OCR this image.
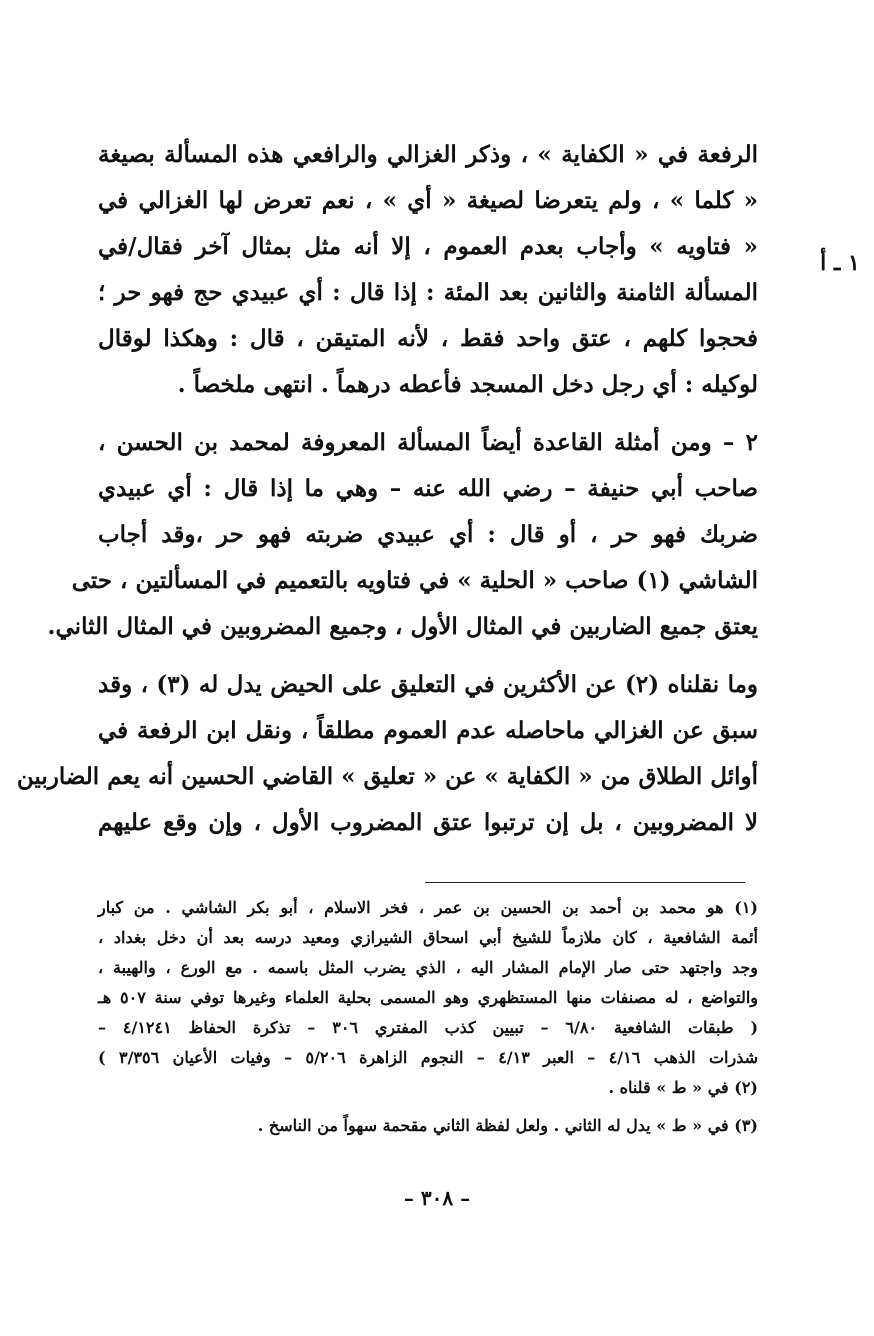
١ ـ أ
الرفعة في « الكفاية » ، وذكر الغزالي والرافعي هذه المسألة بصيغة
« كلما » ، ولم يتعرضا لصيغة « أي » ، نعم تعرض لها الغزالي في
« فتاويه » وأجاب بعدم العموم ، إلا أنه مثل بمثال آخر فقال/في
المسألة الثامنة والثانين بعد المئة : إذا قال : أي عبيدي حج فهو حر ؛
فحجوا كلهم ، عتق واحد فقط ، لأنه المتيقن ، قال : وهكذا لوقال
لوكيله : أي رجل دخل المسجد فأعطه درهماً . انتهى ملخصاً .
٢ – ومن أمثلة القاعدة أيضاً المسألة المعروفة لمحمد بن الحسن ،
صاحب أبي حنيفة – رضي الله عنه – وهي ما إذا قال : أي عبيدي
ضربك فهو حر ، أو قال : أي عبيدي ضربته فهو حر ،وقد أجاب
الشاشي (١) صاحب « الحلية » في فتاويه بالتعميم في المسألتين ، حتى
يعتق جميع الضاربين في المثال الأول ، وجميع المضروبين في المثال الثاني.
وما نقلناه (٢) عن الأكثرين في التعليق على الحيض يدل له (٣) ، وقد
سبق عن الغزالي ماحاصله عدم العموم مطلقاً ، ونقل ابن الرفعة في
أوائل الطلاق من « الكفاية » عن « تعليق » القاضي الحسين أنه يعم الضاربين
لا المضروبين ، بل إن ترتبوا عتق المضروب الأول ، وإن وقع عليهم
(١) هو محمد بن أحمد بن الحسين بن عمر ، فخر الاسلام ، أبو بكر الشاشي . من كبار
أئمة الشافعية ، كان ملازماً للشيخ أبي اسحاق الشيرازي ومعيد درسه بعد أن دخل بغداد ،
وجد واجتهد حتى صار الإمام المشار اليه ، الذي يضرب المثل باسمه . مع الورع ، والهيبة ،
والتواضع ، له مصنفات منها المستظهري وهو المسمى بحلية العلماء وغيرها توفي سنة ٥٠٧ هـ
( طبقات الشافعية ٦/٨٠ – تبيين كذب المفتري ٣٠٦ – تذكرة الحفاظ ٤/١٢٤١ –
شذرات الذهب ٤/١٦ – العبر ٤/١٣ – النجوم الزاهرة ٥/٢٠٦ – وفيات الأعيان ٣/٣٥٦ )
(٢) في « ط » قلناه .
(٣) في « ط » يدل له الثاني . ولعل لفظة الثاني مقحمة سهواً من الناسخ .
– ٣٠٨ –
